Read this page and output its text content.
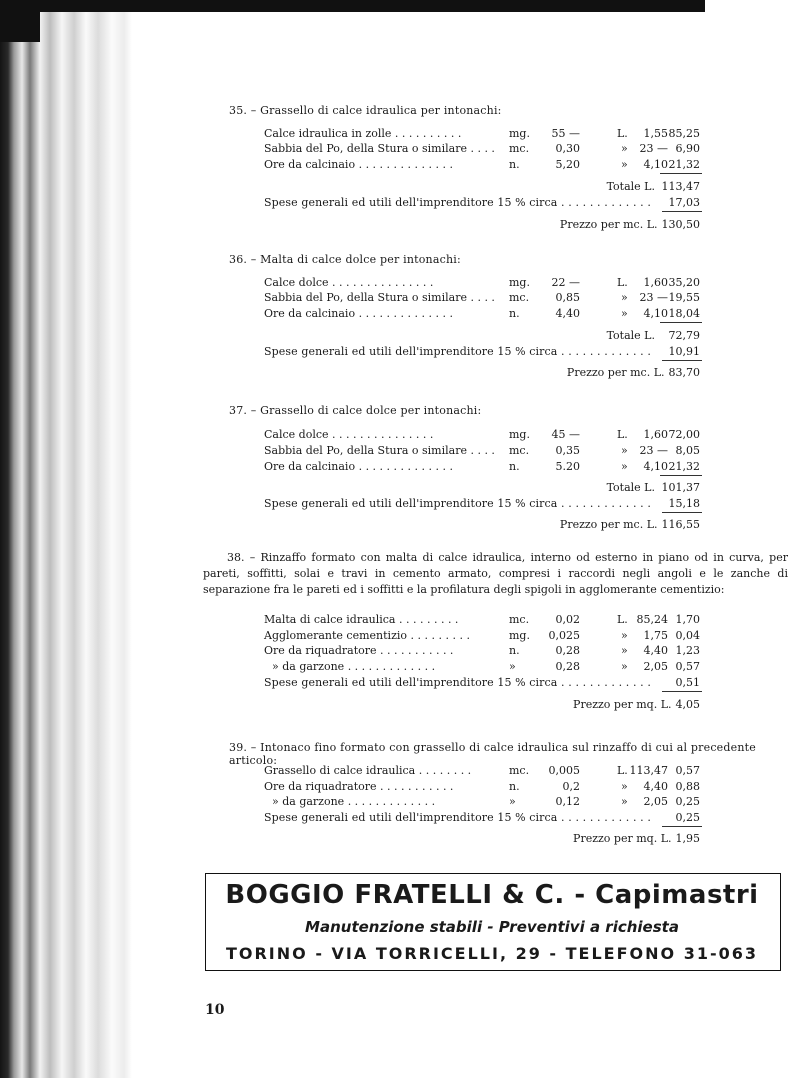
35. – Grassello di calce idraulica per intonachi:
Calce idraulica in zolle . . . . . . . . . .	mg. 55 —	L. 1,55 85,25
Sabbia del Po, della Stura o similare . . . . mc. 0,30	» 23 — 6,90
Ore da calcinaio . . . . . . . . . . . . . .	n.	5,20	» 4,10 21,32
Totale L. 113,47
Spese generali ed utili dell'imprenditore 15 % circa . . . . . . . . . . . . . 17,03
Prezzo per mc. L. 130,50
36. – Malta di calce dolce per intonachi:
Calce dolce . . . . . . . . . . . . . . .	mg. 22 —	L. 1,60 35,20
Sabbia del Po, della Stura o similare . . . . mc. 0,85	» 23 — 19,55
Ore da calcinaio . . . . . . . . . . . . . .	n.	4,40	» 4,10 18,04
Totale L. 72,79
Spese generali ed utili dell'imprenditore 15 % circa . . . . . . . . . . . . . 10,91
Prezzo per mc. L. 83,70
37. – Grassello di calce dolce per intonachi:
Calce dolce . . . . . . . . . . . . . . .	mg. 45 —	L. 1,60 72,00
Sabbia del Po, della Stura o similare . . . . mc. 0,35	» 23 — 8,05
Ore da calcinaio . . . . . . . . . . . . . .	n.	5.20	» 4,10 21,32
Totale L. 101,37
Spese generali ed utili dell'imprenditore 15 % circa . . . . . . . . . . . . . 15,18
Prezzo per mc. L. 116,55
38. – Rinzaffo formato con malta di calce idraulica, interno od esterno in piano od in curva, per pareti, soffitti, solai e travi in cemento armato, compresi i raccordi negli angoli e le zanche di separazione fra le pareti ed i soffitti e la profilatura degli spigoli in agglomerante cementizio:
Malta di calce idraulica . . . . . . . . .	mc. 0,02	L. 85,24 1,70
Agglomerante cementizio . . . . . . . . .	mg. 0,025	» 1,75 0,04
Ore da riquadratore . . . . . . . . . . .	n.	0,28	» 4,40 1,23
» da garzone . . . . . . . . . . . . .	»	0,28	» 2,05 0,57
Spese generali ed utili dell'imprenditore 15 % circa . . . . . . . . . . . . . 0,51
Prezzo per mq. L. 4,05
39. – Intonaco fino formato con grassello di calce idraulica sul rinzaffo di cui al precedente articolo:
Grassello di calce idraulica . . . . . . . .	mc. 0,005	L. 113,47 0,57
Ore da riquadratore . . . . . . . . . . .	n.	0,2	» 4,40 0,88
» da garzone . . . . . . . . . . . . .	»	0,12	» 2,05 0,25
Spese generali ed utili dell'imprenditore 15 % circa . . . . . . . . . . . . . 0,25
Prezzo per mq. L. 1,95
BOGGIO FRATELLI & C. - Capimastri
Manutenzione stabili - Preventivi a richiesta
TORINO - VIA TORRICELLI, 29 - TELEFONO 31-063
10
